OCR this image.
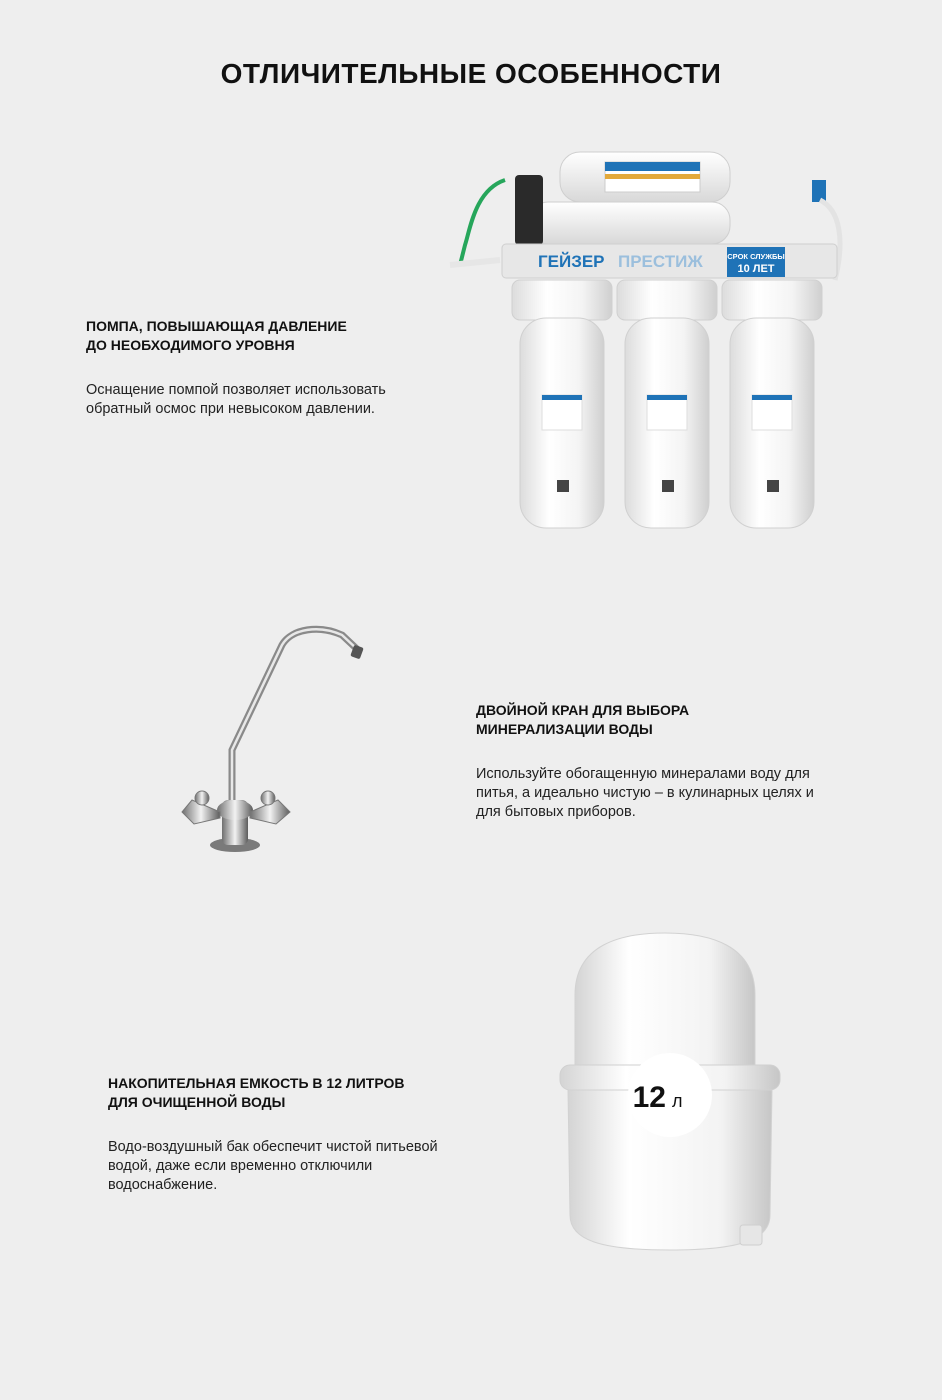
ОТЛИЧИТЕЛЬНЫЕ ОСОБЕННОСТИ
ПОМПА, ПОВЫШАЮЩАЯ ДАВЛЕНИЕ
ДО НЕОБХОДИМОГО УРОВНЯ

Оснащение помпой позволяет использовать
обратный осмос при невысоком давлении.

ДВОЙНОЙ КРАН ДЛЯ ВЫБОРА
МИНЕРАЛИЗАЦИИ ВОДЫ

Используйте обогащенную минералами воду для
питья, а идеально чистую – в кулинарных целях и
для бытовых приборов.

НАКОПИТЕЛЬНАЯ ЕМКОСТЬ В 12 ЛИТРОВ
ДЛЯ ОЧИЩЕННОЙ ВОДЫ

Водо-воздушный бак обеспечит чистой питьевой
водой, даже если временно отключили
водоснабжение.

ГЕЙЗЕР ПРЕСТИЖ	СРОК СЛУЖБЫ
10 ЛЕТ
12 л
